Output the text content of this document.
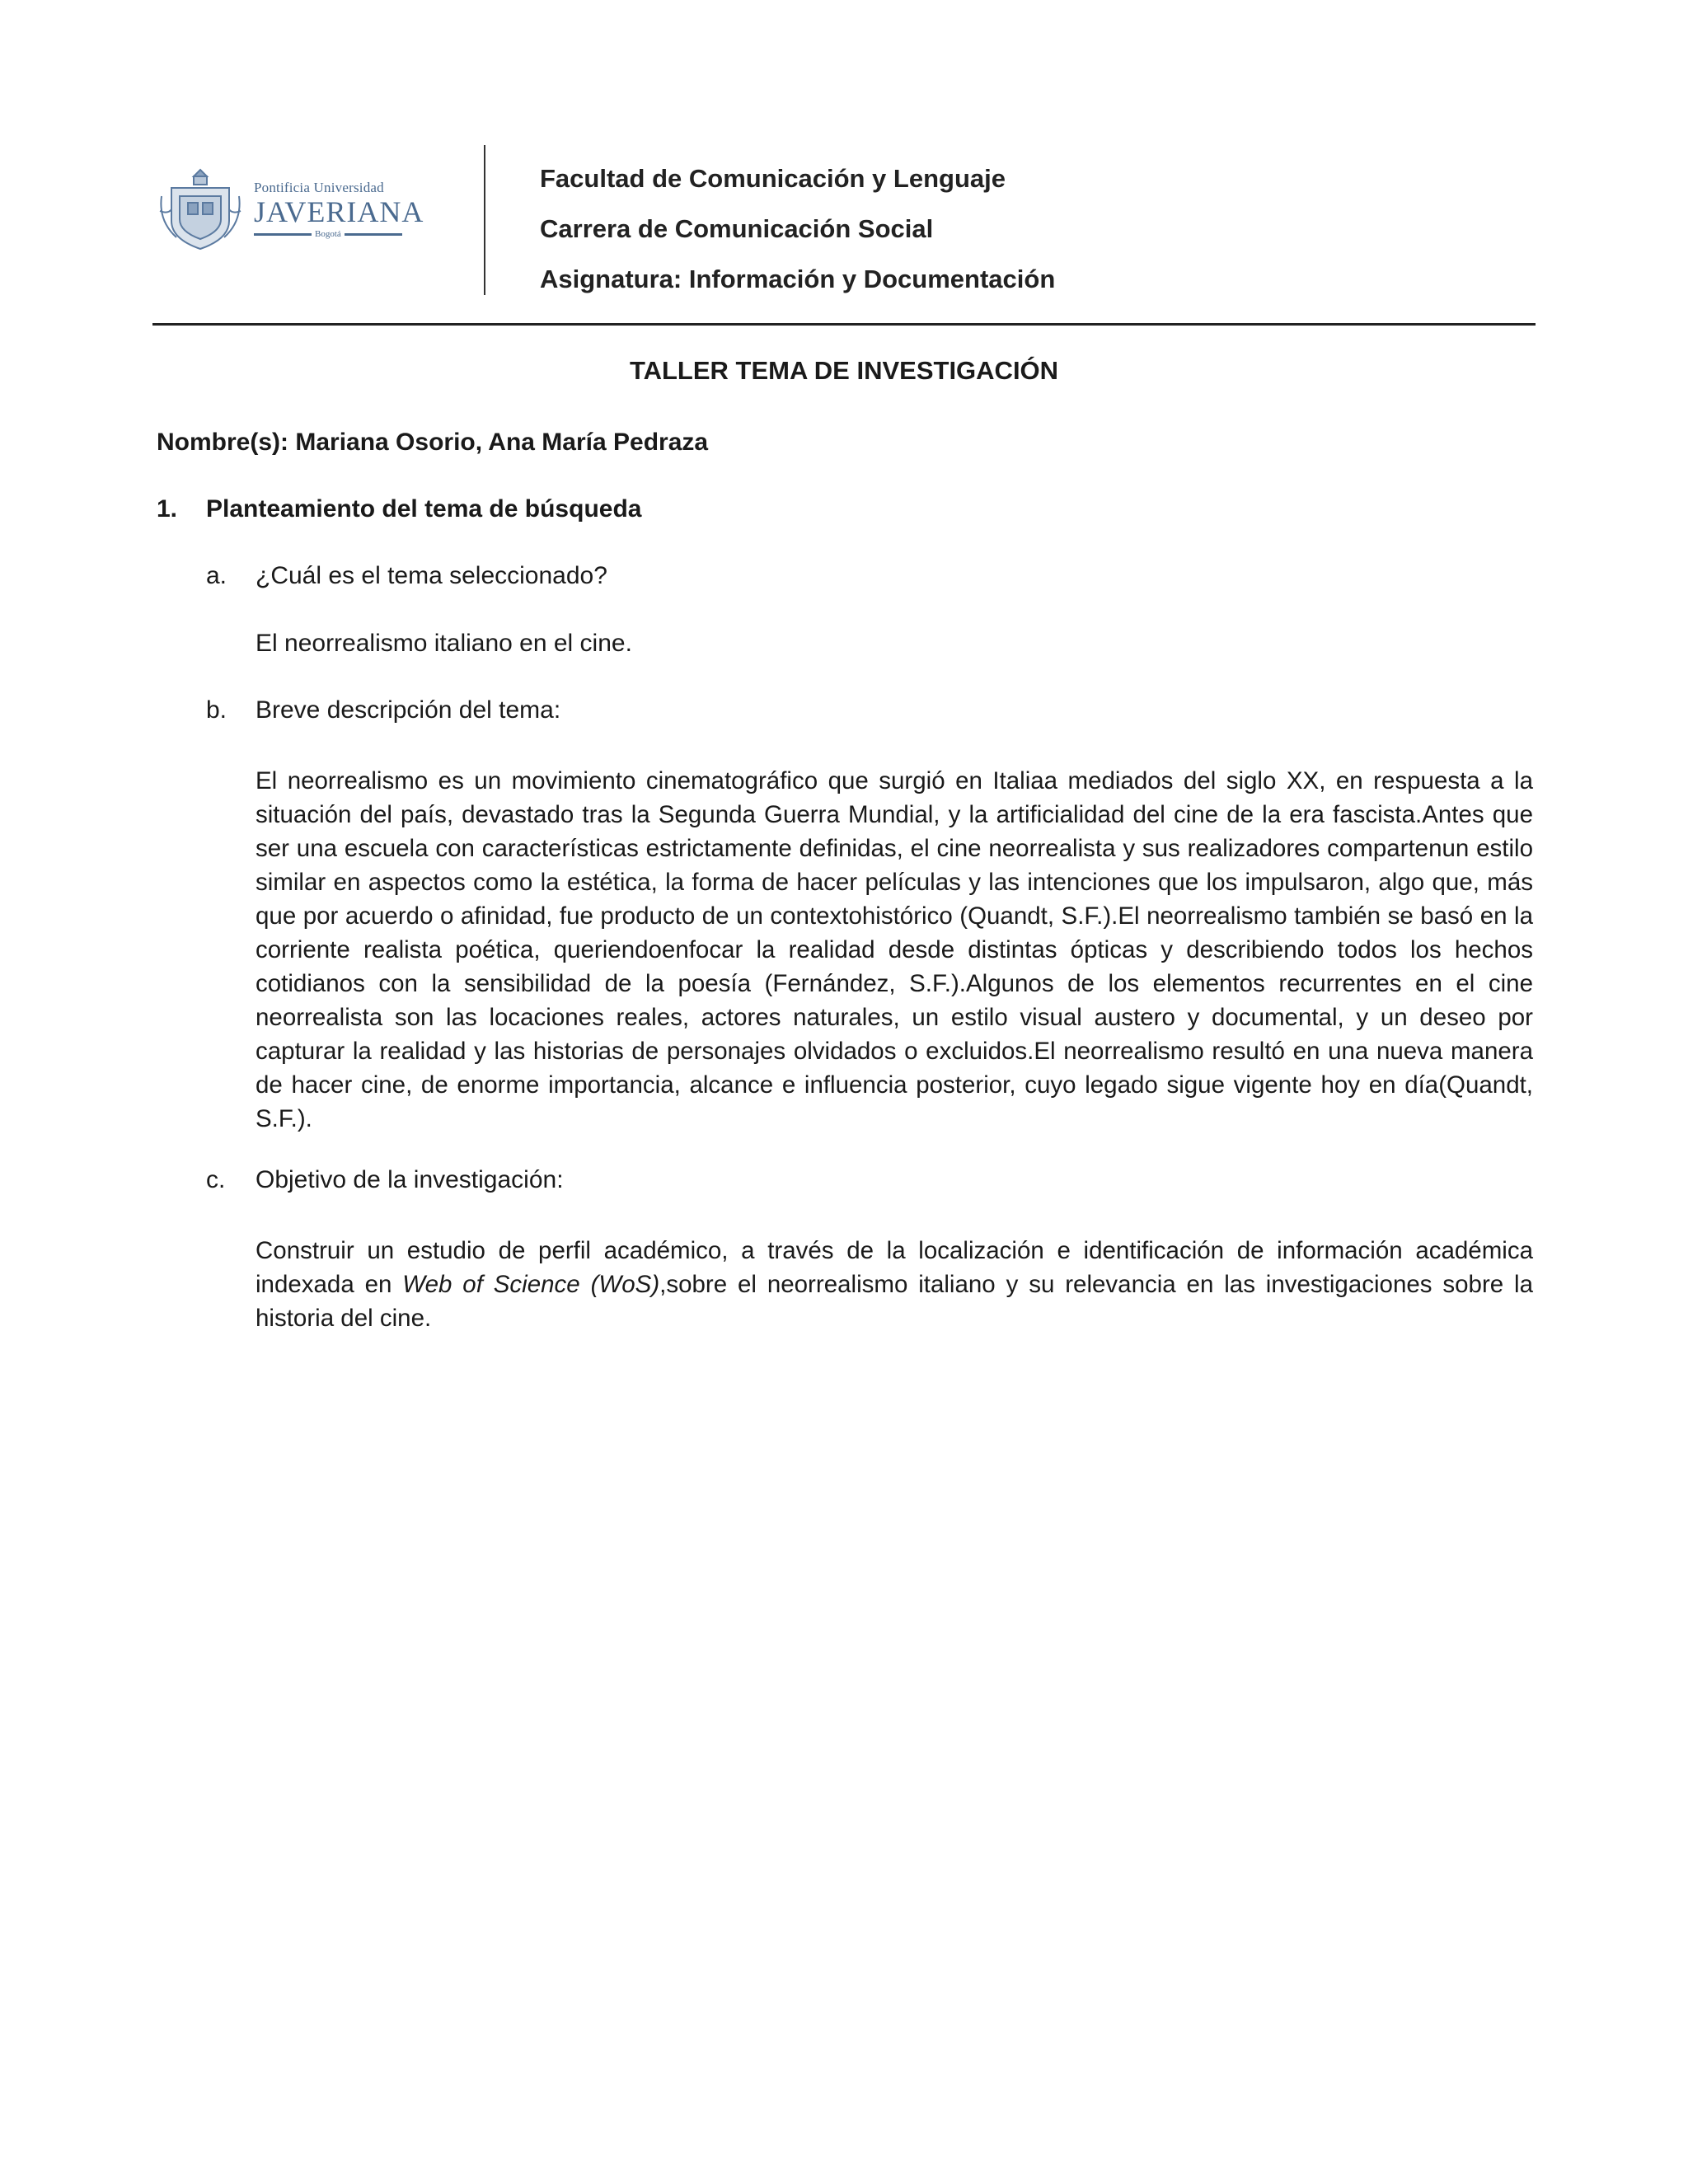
Pontificia Universidad
JAVERIANA
Bogotá
Facultad de Comunicación y Lenguaje
Carrera de Comunicación Social
Asignatura: Información y Documentación
TALLER TEMA DE INVESTIGACIÓN
Nombre(s): Mariana Osorio, Ana María Pedraza
1. Planteamiento del tema de búsqueda
a. ¿Cuál es el tema seleccionado?
El neorrealismo italiano en el cine.
b. Breve descripción del tema:
El neorrealismo es un movimiento cinematográfico que surgió en Italiaa mediados del siglo XX, en respuesta a la situación del país, devastado tras la Segunda Guerra Mundial, y la artificialidad del cine de la era fascista.Antes que ser una escuela con características estrictamente definidas, el cine neorrealista y sus realizadores compartenun estilo similar en aspectos como la estética, la forma de hacer películas y las intenciones que los impulsaron, algo que, más que por acuerdo o afinidad, fue producto de un contextohistórico (Quandt, S.F.).El neorrealismo también se basó en la corriente realista poética, queriendoenfocar la realidad desde distintas ópticas y describiendo todos los hechos cotidianos con la sensibilidad de la poesía (Fernández, S.F.).Algunos de los elementos recurrentes en el cine neorrealista son las locaciones reales, actores naturales, un estilo visual austero y documental, y un deseo por capturar la realidad y las historias de personajes olvidados o excluidos.El neorrealismo resultó en una nueva manera de hacer cine, de enorme importancia, alcance e influencia posterior, cuyo legado sigue vigente hoy en día(Quandt, S.F.).
c. Objetivo de la investigación:
Construir un estudio de perfil académico, a través de la localización e identificación de información académica indexada en Web of Science (WoS),sobre el neorrealismo italiano y su relevancia en las investigaciones sobre la historia del cine.
